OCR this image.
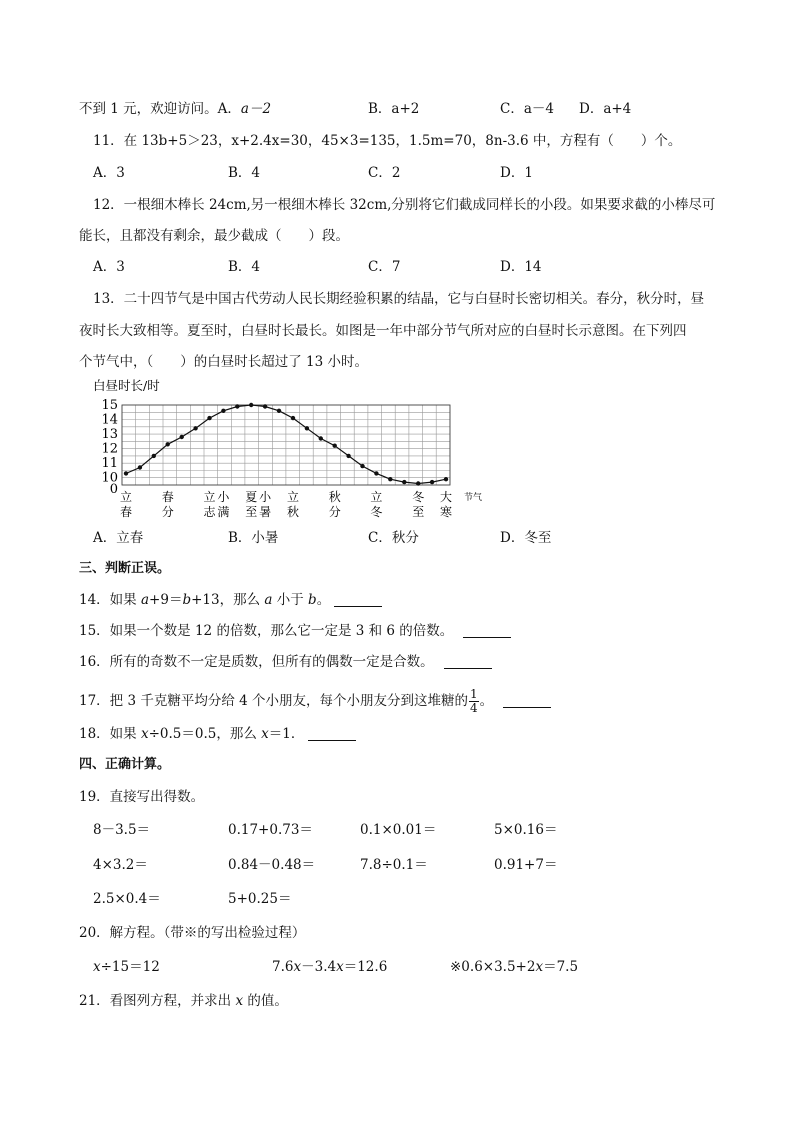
不到 1 元，欢迎访问。A．a－2	B．a+2	C．a－4 D．a+4
11．在 13b+5＞23，x+2.4x=30，45×3=135，1.5m=70，8n-3.6 中，方程有（　　）个。
A．3	B．4	C．2	D．1
12．一根细木棒长 24cm,另一根细木棒长 32cm,分别将它们截成同样长的小段。如果要求截的小棒尽可
能长，且都没有剩余，最少截成（　　）段。
A．3	B．4	C．7	D．14
13．二十四节气是中国古代劳动人民长期经验积累的结晶，它与白昼时长密切相关。春分，秋分时，昼
夜时长大致相等。夏至时，白昼时长最长。如图是一年中部分节气所对应的白昼时长示意图。在下列四
个节气中，（　　）的白昼时长超过了 13 小时。
白昼时长/时
0
10
11
12
13
14
15
立
春
春
分
立
志
小
满
夏
至
小
暑
立
秋
秋
分
立
冬
冬
至
大
寒
节气
A．立春	B．小暑	C．秋分	D．冬至
三、判断正误。
14．如果 a+9＝b+13，那么 a 小于 b。
15．如果一个数是 12 的倍数，那么它一定是 3 和 6 的倍数。
16．所有的奇数不一定是质数，但所有的偶数一定是合数。
17．把 3 千克糖平均分给 4 个小朋友，每个小朋友分到这堆糖的 $\frac{1}{4}$ 。
18．如果 x÷0.5＝0.5，那么 x＝1．
四、正确计算。
19．直接写出得数。
8－3.5＝	0.17+0.73＝	0.1×0.01＝	5×0.16＝
4×3.2＝	0.84－0.48＝	7.8÷0.1＝	0.91+7＝
2.5×0.4＝	5+0.25＝
20．解方程。（带※的写出检验过程）
x÷15＝12	7.6x－3.4x＝12.6	※0.6×3.5+2x＝7.5
21．看图列方程，并求出 x 的值。
